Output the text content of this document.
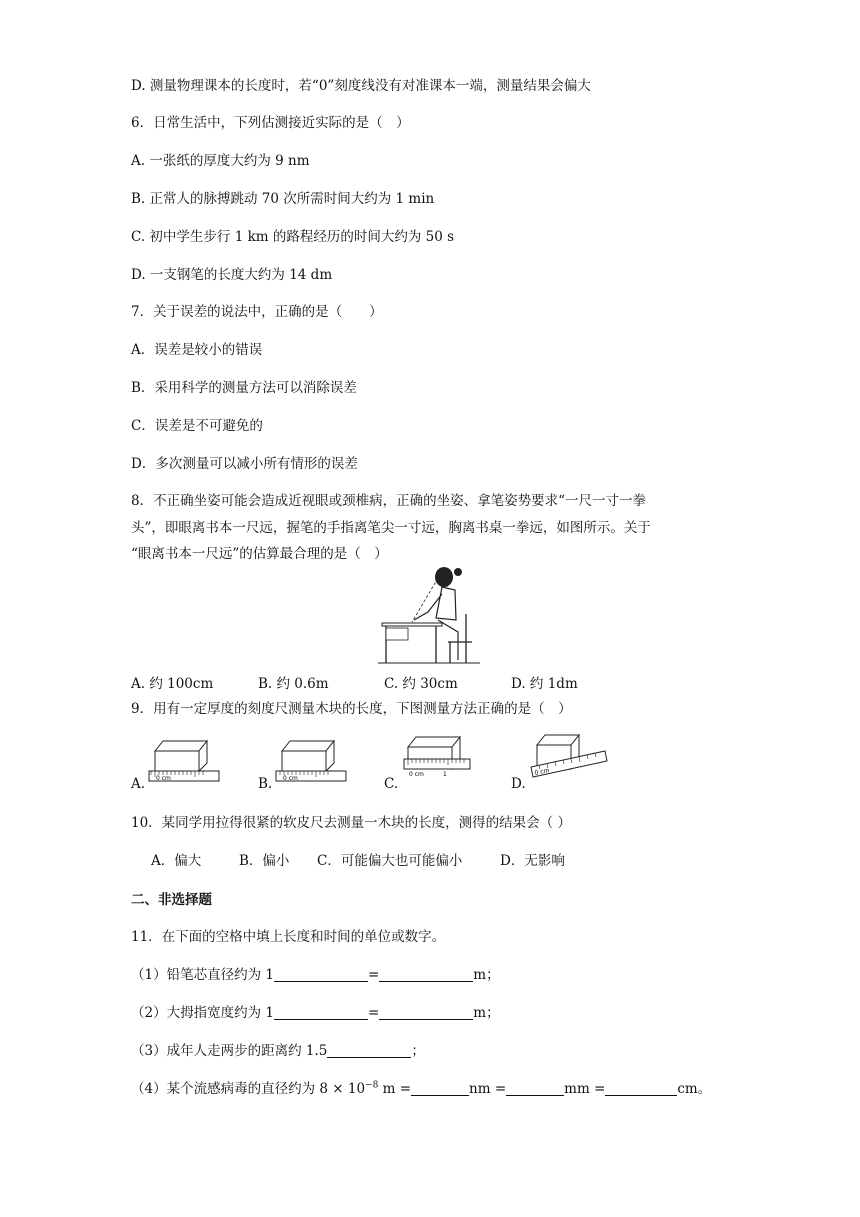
D. 测量物理课本的长度时，若“0”刻度线没有对准课本一端，测量结果会偏大
6．日常生活中，下列估测接近实际的是（　）
A. 一张纸的厚度大约为 9 nm
B. 正常人的脉搏跳动 70 次所需时间大约为 1 min
C. 初中学生步行 1 km 的路程经历的时间大约为 50 s
D. 一支钢笔的长度大约为 14 dm
7．关于误差的说法中，正确的是（　　）
A．误差是较小的错误
B．采用科学的测量方法可以消除误差
C．误差是不可避免的
D．多次测量可以减小所有情形的误差
8．不正确坐姿可能会造成近视眼或颈椎病，正确的坐姿、拿笔姿势要求“一尺一寸一拳
头”，即眼离书本一尺远，握笔的手指离笔尖一寸远，胸离书桌一拳远，如图所示。关于
“眼离书本一尺远”的估算最合理的是（　）
A. 约 100cm	B. 约 0.6m	C. 约 30cm	D. 约 1dm
9．用有一定厚度的刻度尺测量木块的长度，下图测量方法正确的是（　）
A. 0 cm	B. 0 cm	C.
0 cm	1
D.
0 cm
10．某同学用拉得很紧的软皮尺去测量一木块的长度，测得的结果会（ ）
A．偏大	B．偏小 C．可能偏大也可能偏小	D．无影响
二、非选择题
11．在下面的空格中填上长度和时间的单位或数字。
（1）铅笔芯直径约为 1	=	m；
（2）大拇指宽度约为 1	=	m；
（3）成年人走两步的距离约 1.5	；
（4）某个流感病毒的直径约为 $8 \times 10^{-8}$ m =	nm =	mm =	cm。
